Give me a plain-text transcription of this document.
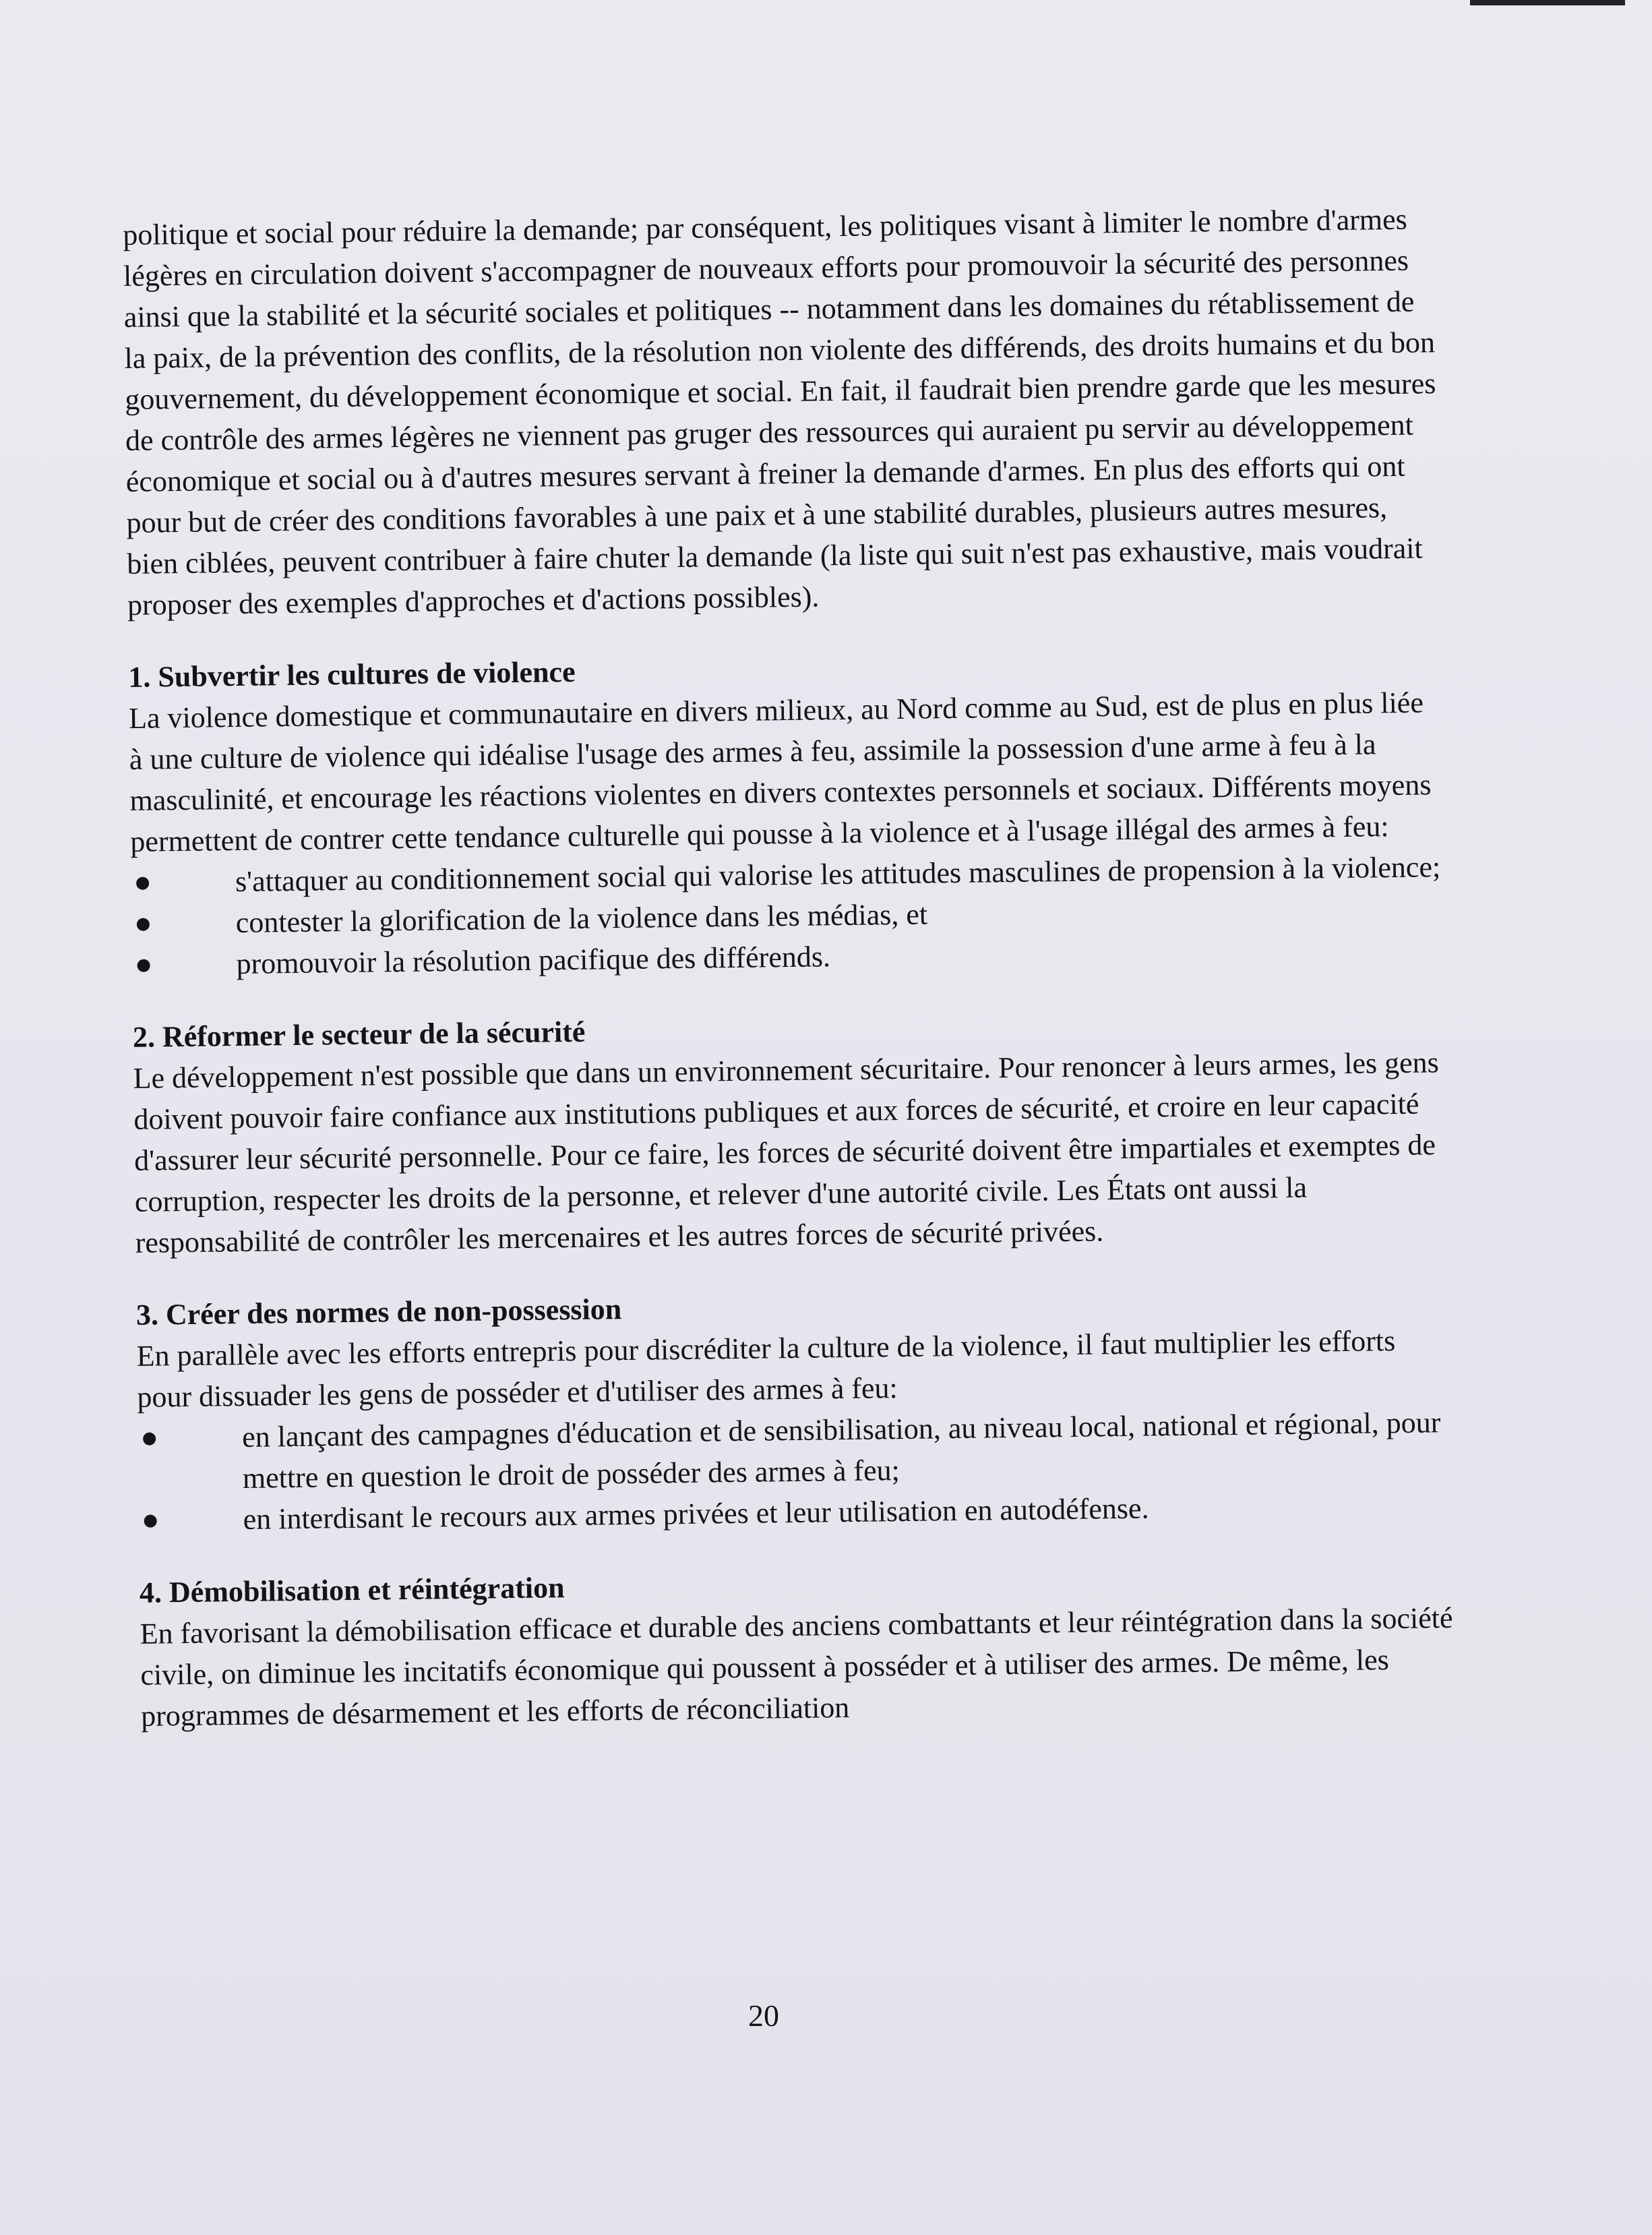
politique et social pour réduire la demande; par conséquent, les politiques visant à limiter le nombre d'armes légères en circulation doivent s'accompagner de nouveaux efforts pour promouvoir la sécurité des personnes ainsi que la stabilité et la sécurité sociales et politiques -- notamment dans les domaines du rétablissement de la paix, de la prévention des conflits, de la résolution non violente des différends, des droits humains et du bon gouvernement, du développement économique et social. En fait, il faudrait bien prendre garde que les mesures de contrôle des armes légères ne viennent pas gruger des ressources qui auraient pu servir au développement économique et social ou à d'autres mesures servant à freiner la demande d'armes. En plus des efforts qui ont pour but de créer des conditions favorables à une paix et à une stabilité durables, plusieurs autres mesures, bien ciblées, peuvent contribuer à faire chuter la demande (la liste qui suit n'est pas exhaustive, mais voudrait proposer des exemples d'approches et d'actions possibles).

1. Subvertir les cultures de violence

La violence domestique et communautaire en divers milieux, au Nord comme au Sud, est de plus en plus liée à une culture de violence qui idéalise l'usage des armes à feu, assimile la possession d'une arme à feu à la masculinité, et encourage les réactions violentes en divers contextes personnels et sociaux. Différents moyens permettent de contrer cette tendance culturelle qui pousse à la violence et à l'usage illégal des armes à feu:

s'attaquer au conditionnement social qui valorise les attitudes masculines de propension à la violence;
contester la glorification de la violence dans les médias, et
promouvoir la résolution pacifique des différends.

2. Réformer le secteur de la sécurité

Le développement n'est possible que dans un environnement sécuritaire. Pour renoncer à leurs armes, les gens doivent pouvoir faire confiance aux institutions publiques et aux forces de sécurité, et croire en leur capacité d'assurer leur sécurité personnelle. Pour ce faire, les forces de sécurité doivent être impartiales et exemptes de corruption, respecter les droits de la personne, et relever d'une autorité civile. Les États ont aussi la responsabilité de contrôler les mercenaires et les autres forces de sécurité privées.

3. Créer des normes de non-possession

En parallèle avec les efforts entrepris pour discréditer la culture de la violence, il faut multiplier les efforts pour dissuader les gens de posséder et d'utiliser des armes à feu:

en lançant des campagnes d'éducation et de sensibilisation, au niveau local, national et régional, pour mettre en question le droit de posséder des armes à feu;
en interdisant le recours aux armes privées et leur utilisation en autodéfense.

4. Démobilisation et réintégration

En favorisant la démobilisation efficace et durable des anciens combattants et leur réintégration dans la société civile, on diminue les incitatifs économique qui poussent à posséder et à utiliser des armes. De même, les programmes de désarmement et les efforts de réconciliation

20
